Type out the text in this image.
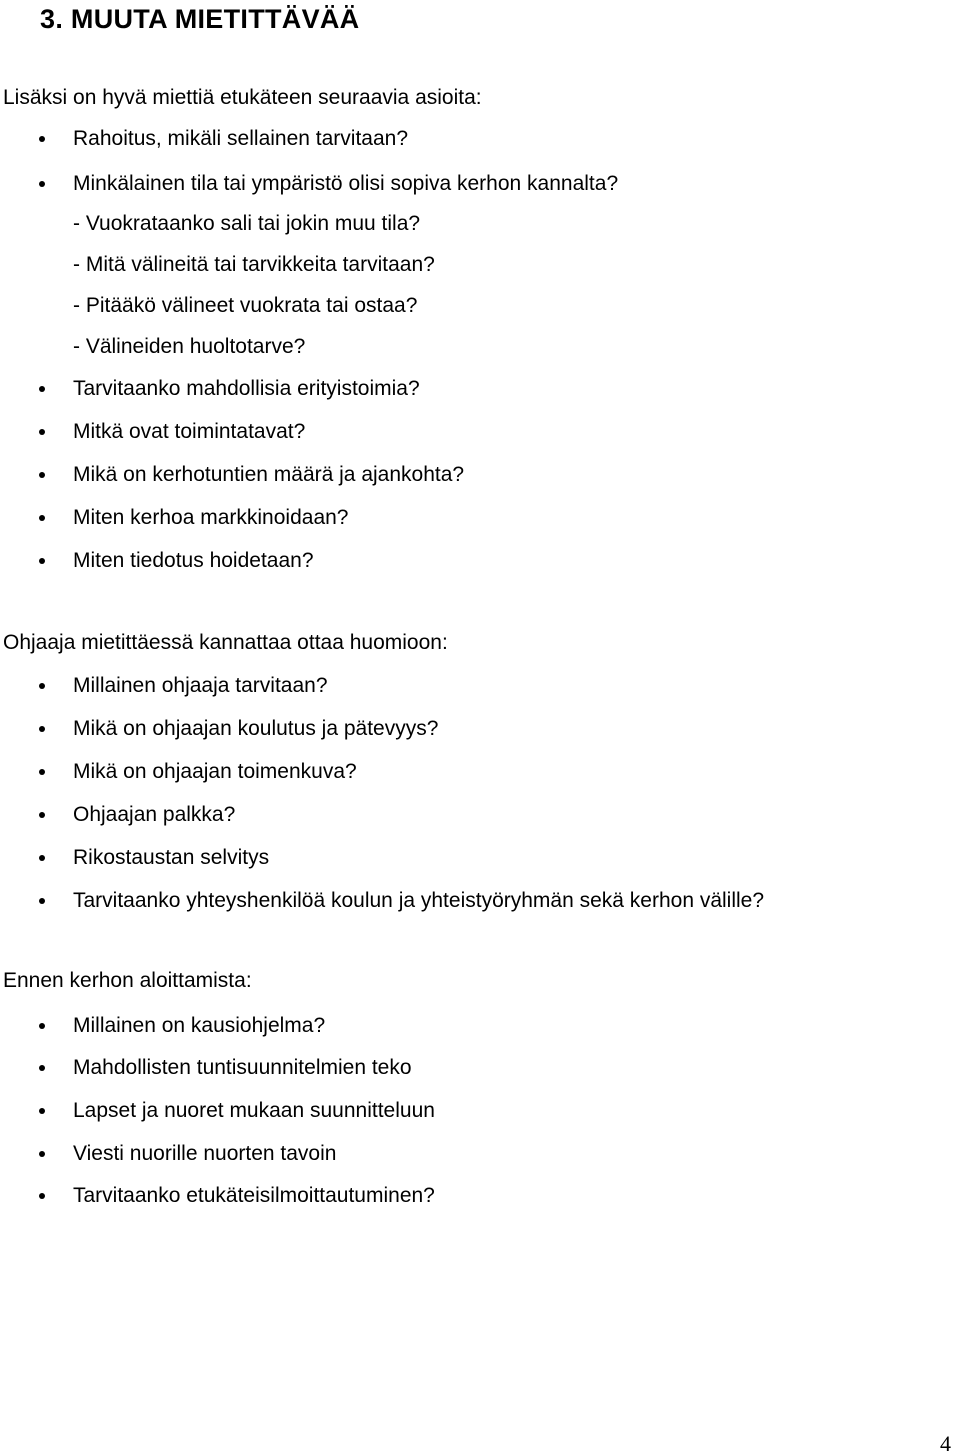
3. MUUTA MIETITTÄVÄÄ

Lisäksi on hyvä miettiä etukäteen seuraavia asioita:

Rahoitus, mikäli sellainen tarvitaan?

Minkälainen tila tai ympäristö olisi sopiva kerhon kannalta?

- Vuokrataanko sali tai jokin muu tila?

- Mitä välineitä tai tarvikkeita tarvitaan?

- Pitääkö välineet vuokrata tai ostaa?

- Välineiden huoltotarve?

Tarvitaanko mahdollisia erityistoimia?

Mitkä ovat toimintatavat?

Mikä on kerhotuntien määrä ja ajankohta?

Miten kerhoa markkinoidaan?

Miten tiedotus hoidetaan?

Ohjaaja mietittäessä kannattaa ottaa huomioon:

Millainen ohjaaja tarvitaan?

Mikä on ohjaajan koulutus ja pätevyys?

Mikä on ohjaajan toimenkuva?

Ohjaajan palkka?

Rikostaustan selvitys

Tarvitaanko yhteyshenkilöä koulun ja yhteistyöryhmän sekä kerhon välille?

Ennen kerhon aloittamista:

Millainen on kausiohjelma?

Mahdollisten tuntisuunnitelmien teko

Lapset ja nuoret mukaan suunnitteluun

Viesti nuorille nuorten tavoin

Tarvitaanko etukäteisilmoittautuminen?

4
